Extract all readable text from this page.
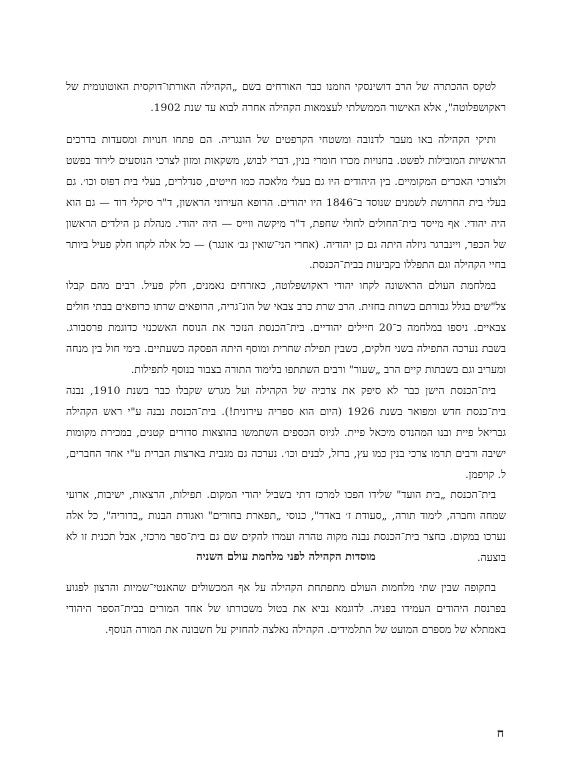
לטקס ההכתרה של הרב דושינסקי הוזמנו כבר האורחים בשם „הקהילה האורתו־דוקסית האוטונומית של ראקושפלוטה", אלא האישור הממשלתי לעצמאות הקהילה אחרה לבוא עד שנת 1902.

ותיקי הקהילה באו מעבר לדנובה ומשטחי הקרפטים של הונגריה. הם פתחו חנויות ומסעדות בדרכים הראשיות המובילות לפשט. בחנויות מכרו חומרי בנין, דברי לבוש, משקאות ומזון לצרכי הנוסעים לירוד בפשט ולצורכי האכרים המקומיים. בין היהודים היו גם בעלי מלאכה כמו חייטים, סנדלרים, בעלי בית דפוס וכו׳. גם בעלי בית החרושת לשמנים שנוסד ב־1846 היו יהודים. הרופא העירוני הראשון, ד"ר סיקלי דוד — גם הוא היה יהודי. אף מייסד בית־החולים לחולי שחפת, ד"ר מיקשה ווייס — היה יהודי. מנהלת גן הילדים הראשון של הכפר, ויינברגר גיזלה היתה גם כן יהודיה. (אחרי הני־שואין גב׳ אונגר) — כל אלה לקחו חלק פעיל ביותר בחיי הקהילה וגם התפללו בקביעות בבית־הכנסת.

במלחמת העולם הראשונה לקחו יהודי ראקושפלוטה, כאזרחים נאמנים, חלק פעיל. רבים מהם קבלו צל"שים בגלל גבורתם בשרות בחזית. הרב שרת כרב צבאי של הונ־גריה, הרופאים שרתו כרופאים בבתי חולים צבאיים. ניספו במלחמה כ־20 חיילים יהודיים. בית־הכנסת הנזכר את הנוסח האשכנזי כדוגמת פרסבורג. בשבת נערכה התפילה בשני חלקים, כשבין תפילת שחרית ומוסף היתה הפסקה כשעתיים. בימי חול בין מנחה ומעריב וגם בשבתות קיים הרב „שעור" ורבים השתתפו בלימוד התורה בצבור בנוסף לתפילות.

בית־הכנסת הישן כבר לא סיפק את צרכיה של הקהילה ועל מגרש שקבלו כבר בשנת 1910, נבנה בית־כנסת חדש ומפואר בשנת 1926 (היום הוא ספריה עירונית!). בית־הכנסת נבנה ע"י ראש הקהילה גבריאל פיית ובנו המהנדס מיכאל פיית. לגיוס הכספים השתמשו בהוצאות סדורים קטנים, במכירת מקומות ישיבה ורבים תרמו צרכי בנין כמו עץ, ברזל, לבנים וכו׳. נערכה גם מגבית בארצות הברית ע"י אחד החברים, ל. קויפמן.

בית־הכנסת „בית הועד" שלידו הפכו למרכז דתי בשביל יהודי המקום. תפילות, הרצאות, ישיבות, ארועי שמחה וחברה, לימוד תורה, „סעודת ז׳ באדר", כנוסי „תפארת בחורים" ואגודת הבנות „ברוריה", כל אלה נערכו במקום. בחצר בית־הכנסת נבנה מקוה טהרה ועמדו להקים שם גם בית־ספר מרכזי, אבל תכנית זו לא בוצעה.

מוסדות הקהילה לפני מלחמת עולם השניה

בתקופה שבין שתי מלחמות העולם מתפתחת הקהילה על אף המכשולים שהאנטי־שמיות והרצון לפגוע בפרנסת היהודים העמידו בפניה. לדוגמא נביא את בטול משכורתו של אחד המורים בבית־הספר היהודי באמתלא של מספרם המועט של התלמידים. הקהילה נאלצה להחזיק על חשבונה את המורה הנוסף.

ח
